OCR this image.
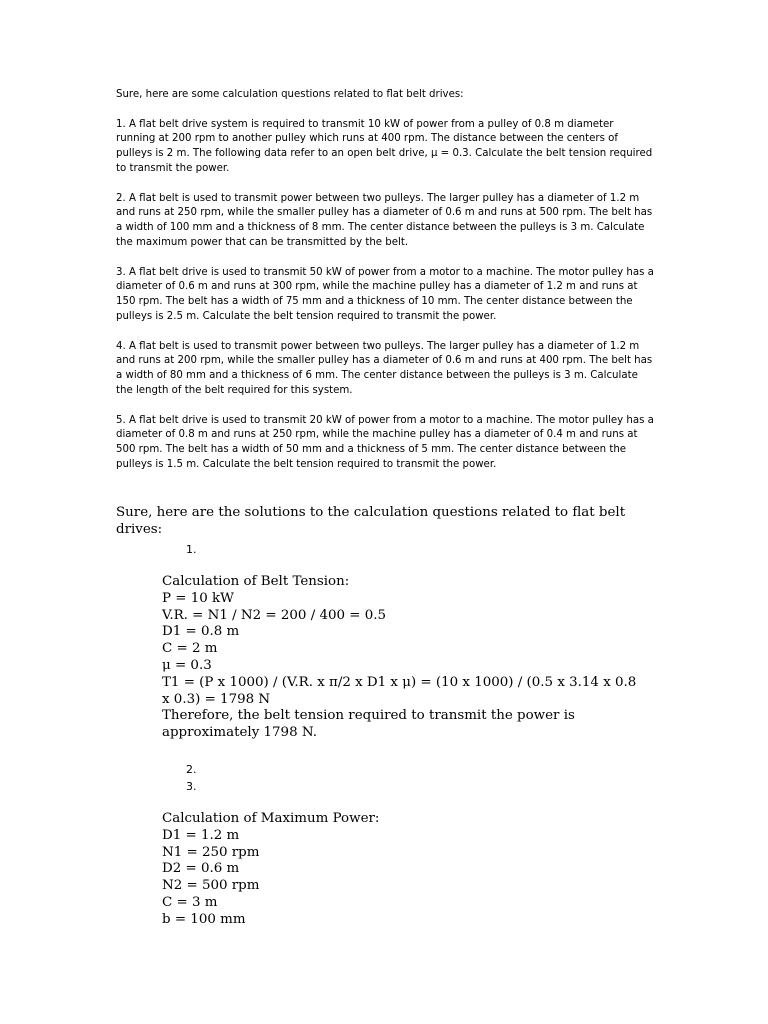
Sure, here are some calculation questions related to flat belt drives:

1. A flat belt drive system is required to transmit 10 kW of power from a pulley of 0.8 m diameter running at 200 rpm to another pulley which runs at 400 rpm. The distance between the centers of pulleys is 2 m. The following data refer to an open belt drive, μ = 0.3. Calculate the belt tension required to transmit the power.

2. A flat belt is used to transmit power between two pulleys. The larger pulley has a diameter of 1.2 m and runs at 250 rpm, while the smaller pulley has a diameter of 0.6 m and runs at 500 rpm. The belt has a width of 100 mm and a thickness of 8 mm. The center distance between the pulleys is 3 m. Calculate the maximum power that can be transmitted by the belt.

3. A flat belt drive is used to transmit 50 kW of power from a motor to a machine. The motor pulley has a diameter of 0.6 m and runs at 300 rpm, while the machine pulley has a diameter of 1.2 m and runs at 150 rpm. The belt has a width of 75 mm and a thickness of 10 mm. The center distance between the pulleys is 2.5 m. Calculate the belt tension required to transmit the power.

4. A flat belt is used to transmit power between two pulleys. The larger pulley has a diameter of 1.2 m and runs at 200 rpm, while the smaller pulley has a diameter of 0.6 m and runs at 400 rpm. The belt has a width of 80 mm and a thickness of 6 mm. The center distance between the pulleys is 3 m. Calculate the length of the belt required for this system.

5. A flat belt drive is used to transmit 20 kW of power from a motor to a machine. The motor pulley has a diameter of 0.8 m and runs at 250 rpm, while the machine pulley has a diameter of 0.4 m and runs at 500 rpm. The belt has a width of 50 mm and a thickness of 5 mm. The center distance between the pulleys is 1.5 m. Calculate the belt tension required to transmit the power.

Sure, here are the solutions to the calculation questions related to flat belt drives:
1.
Calculation of Belt Tension:
P = 10 kW
V.R. = N1 / N2 = 200 / 400 = 0.5
D1 = 0.8 m
C = 2 m
μ = 0.3
T1 = (P x 1000) / (V.R. x π/2 x D1 x μ) = (10 x 1000) / (0.5 x 3.14 x 0.8 x 0.3) = 1798 N
Therefore, the belt tension required to transmit the power is approximately 1798 N.
2.
3.
Calculation of Maximum Power:
D1 = 1.2 m
N1 = 250 rpm
D2 = 0.6 m
N2 = 500 rpm
C = 3 m
b = 100 mm
